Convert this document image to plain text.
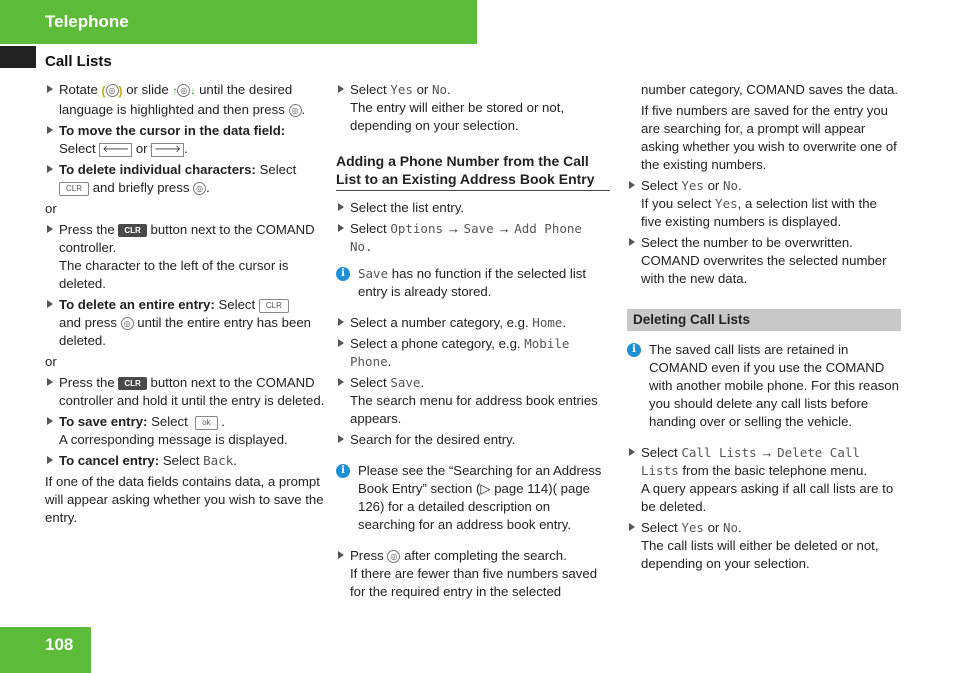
Telephone
Call Lists
Rotate ( ◎ ) or slide ↑ ◎ ↓ until the desired language is highlighted and then press ◎ .
To move the cursor in the data field:
Select 🡐 or 🡒 .
To delete individual characters: Select
CLR and briefly press ◎ .
or
Press the CLR button next to the COMAND controller.
The character to the left of the cursor is deleted.
To delete an entire entry: Select CLR
and press ◎ until the entire entry has been deleted.
or
Press the CLR button next to the COMAND controller and hold it until the entry is deleted.
To save entry: Select ok .
A corresponding message is displayed.
To cancel entry: Select Back.
If one of the data fields contains data, a prompt will appear asking whether you wish to save the entry.
Select Yes or No.
The entry will either be stored or not, depending on your selection.
Adding a Phone Number from the Call List to an Existing Address Book Entry
Select the list entry.
Select Options → Save → Add Phone No.
i	Save has no function if the selected list entry is already stored.
Select a number category, e.g. Home.
Select a phone category, e.g. Mobile Phone.
Select Save.
The search menu for address book entries appears.
Search for the desired entry.
i Please see the “Searching for an Address Book Entry” section (▷ page 114)( page 126) for a detailed description on searching for an address book entry.
Press ◎ after completing the search.
If there are fewer than five numbers saved for the required entry in the selected
number category, COMAND saves the data.
If five numbers are saved for the entry you are searching for, a prompt will appear asking whether you wish to overwrite one of the existing numbers.
Select Yes or No.
If you select Yes, a selection list with the five existing numbers is displayed.
Select the number to be overwritten. COMAND overwrites the selected number with the new data.
Deleting Call Lists
i The saved call lists are retained in COMAND even if you use the COMAND with another mobile phone. For this reason you should delete any call lists before handing over or selling the vehicle.
Select Call Lists → Delete Call Lists from the basic telephone menu.
A query appears asking if all call lists are to be deleted.
Select Yes or No.
The call lists will either be deleted or not, depending on your selection.
108
